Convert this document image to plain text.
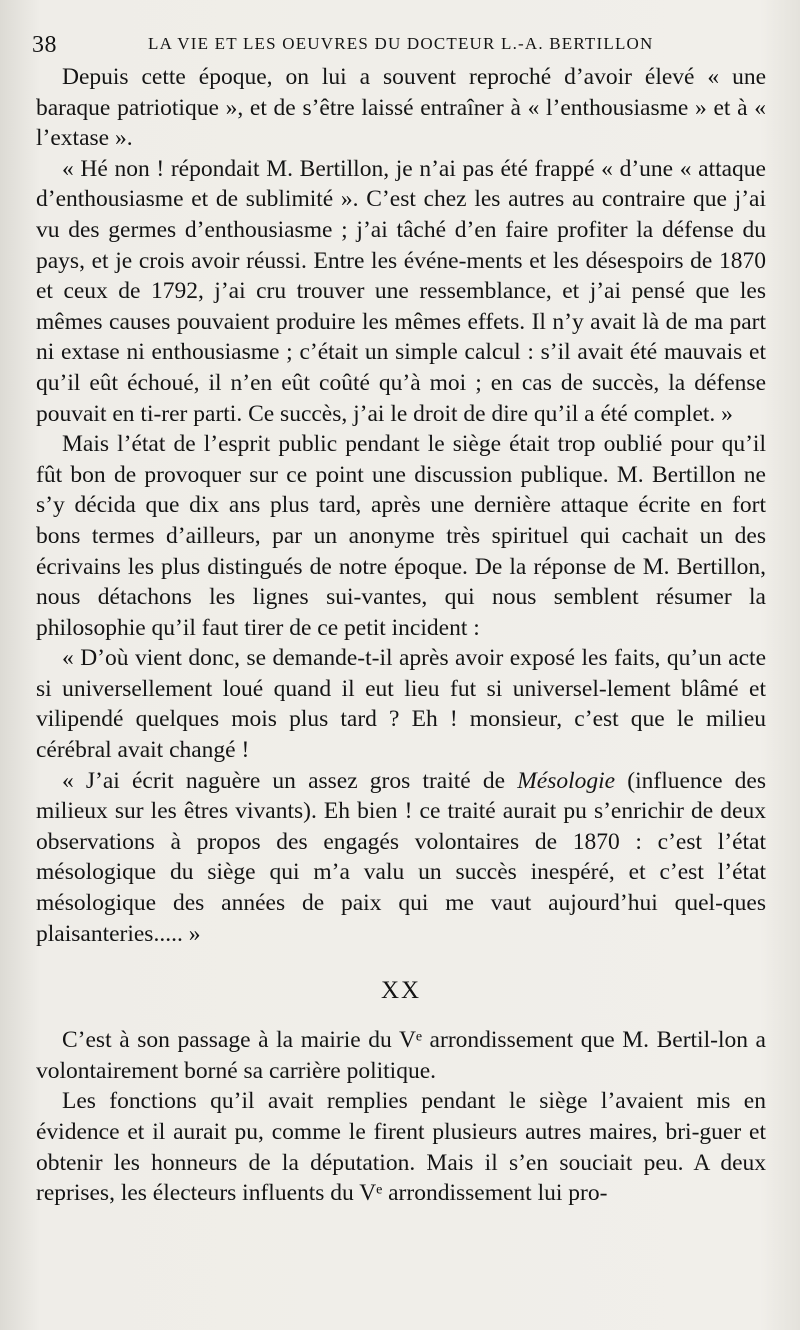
38	LA VIE ET LES OEUVRES DU DOCTEUR L.-A. BERTILLON

Depuis cette époque, on lui a souvent reproché d’avoir élevé « une baraque patriotique », et de s’être laissé entraîner à « l’enthousiasme » et à « l’extase ».

« Hé non ! répondait M. Bertillon, je n’ai pas été frappé « d’une « attaque d’enthousiasme et de sublimité ». C’est chez les autres au contraire que j’ai vu des germes d’enthousiasme ; j’ai tâché d’en faire profiter la défense du pays, et je crois avoir réussi. Entre les événe-ments et les désespoirs de 1870 et ceux de 1792, j’ai cru trouver une ressemblance, et j’ai pensé que les mêmes causes pouvaient produire les mêmes effets. Il n’y avait là de ma part ni extase ni enthousiasme ; c’était un simple calcul : s’il avait été mauvais et qu’il eût échoué, il n’en eût coûté qu’à moi ; en cas de succès, la défense pouvait en ti-rer parti. Ce succès, j’ai le droit de dire qu’il a été complet. »

Mais l’état de l’esprit public pendant le siège était trop oublié pour qu’il fût bon de provoquer sur ce point une discussion publique. M. Bertillon ne s’y décida que dix ans plus tard, après une dernière attaque écrite en fort bons termes d’ailleurs, par un anonyme très spirituel qui cachait un des écrivains les plus distingués de notre époque. De la réponse de M. Bertillon, nous détachons les lignes sui-vantes, qui nous semblent résumer la philosophie qu’il faut tirer de ce petit incident :

« D’où vient donc, se demande-t-il après avoir exposé les faits, qu’un acte si universellement loué quand il eut lieu fut si universel-lement blâmé et vilipendé quelques mois plus tard ? Eh ! monsieur, c’est que le milieu cérébral avait changé !

« J’ai écrit naguère un assez gros traité de Mésologie (influence des milieux sur les êtres vivants). Eh bien ! ce traité aurait pu s’enrichir de deux observations à propos des engagés volontaires de 1870 : c’est l’état mésologique du siège qui m’a valu un succès inespéré, et c’est l’état mésologique des années de paix qui me vaut aujourd’hui quel-ques plaisanteries..... »

XX

C’est à son passage à la mairie du Vᵉ arrondissement que M. Bertil-lon a volontairement borné sa carrière politique.

Les fonctions qu’il avait remplies pendant le siège l’avaient mis en évidence et il aurait pu, comme le firent plusieurs autres maires, bri-guer et obtenir les honneurs de la députation. Mais il s’en souciait peu. A deux reprises, les électeurs influents du Vᵉ arrondissement lui pro-
